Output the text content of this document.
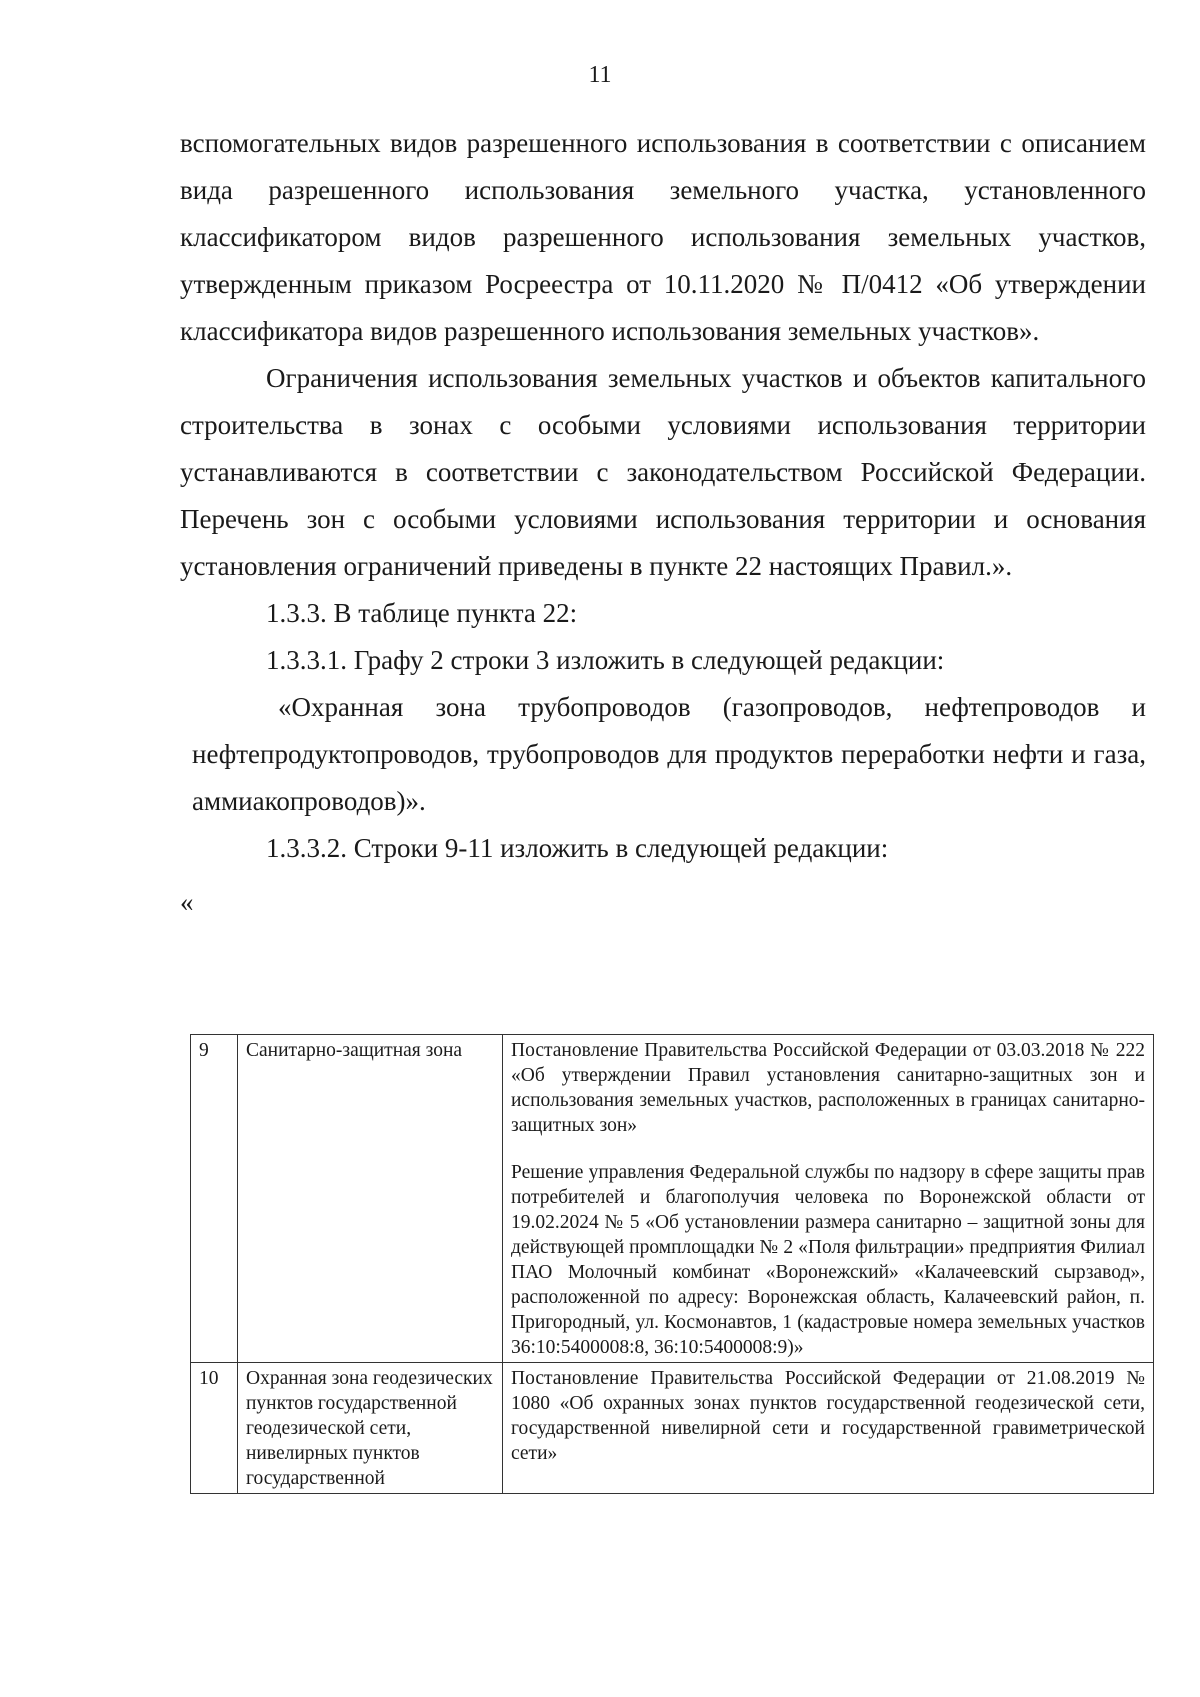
11

вспомогательных видов разрешенного использования в соответствии с описанием вида разрешенного использования земельного участка, установленного классификатором видов разрешенного использования земельных участков, утвержденным приказом Росреестра от 10.11.2020 № П/0412 «Об утверждении классификатора видов разрешенного использования земельных участков».

Ограничения использования земельных участков и объектов капитального строительства в зонах с особыми условиями использования территории устанавливаются в соответствии с законодательством Российской Федерации. Перечень зон с особыми условиями использования территории и основания установления ограничений приведены в пункте 22 настоящих Правил.».

1.3.3. В таблице пункта 22:

1.3.3.1. Графу 2 строки 3 изложить в следующей редакции:

«Охранная зона трубопроводов (газопроводов, нефтепроводов и нефтепродуктопроводов, трубопроводов для продуктов переработки нефти и газа, аммиакопроводов)».

1.3.3.2. Строки 9-11 изложить в следующей редакции:

«
9	Санитарно-защитная зона	Постановление Правительства Российской Федерации от 03.03.2018 № 222 «Об утверждении Правил установления санитарно-защитных зон и использования земельных участков, расположенных в границах санитарно-защитных зон»

Решение управления Федеральной службы по надзору в сфере защиты прав потребителей и благополучия человека по Воронежской области от 19.02.2024 № 5 «Об установлении размера санитарно – защитной зоны для действующей промплощадки № 2 «Поля фильтрации» предприятия Филиал ПАО Молочный комбинат «Воронежский» «Калачеевский сырзавод», расположенной по адресу: Воронежская область, Калачеевский район, п. Пригородный, ул. Космонавтов, 1 (кадастровые номера земельных участков 36:10:5400008:8, 36:10:5400008:9)»

10	Охранная зона геодезических пунктов государственной геодезической сети, нивелирных пунктов государственной	Постановление Правительства Российской Федерации от 21.08.2019 № 1080 «Об охранных зонах пунктов государственной геодезической сети, государственной нивелирной сети и государственной гравиметрической сети»
